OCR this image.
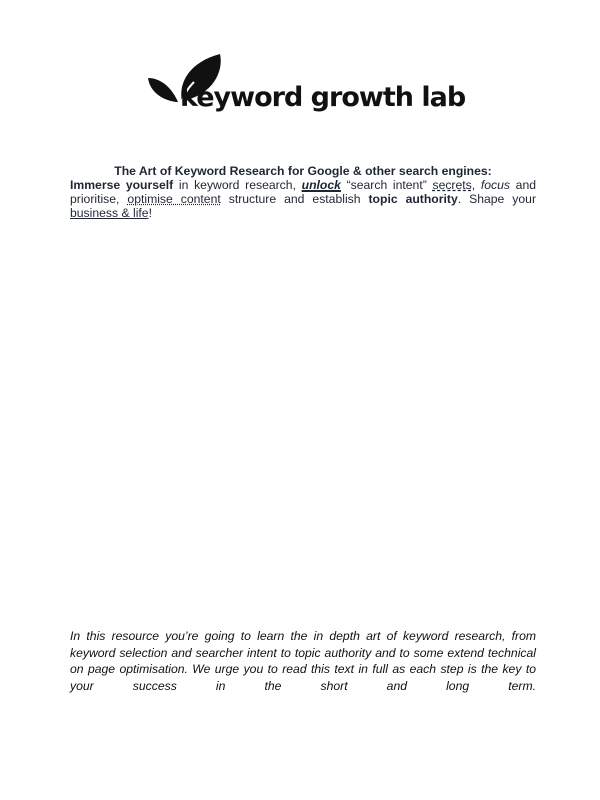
keyword growth lab
The Art of Keyword Research for Google & other search engines:
Immerse yourself in keyword research, unlock “search intent” secrets, focus and prioritise, optimise content structure and establish topic authority. Shape your business & life!
In this resource you’re going to learn the in depth art of keyword research, from keyword selection and searcher intent to topic authority and to some extend technical on page optimisation. We urge you to read this text in full as each step is the key to your success in the short and long term.
